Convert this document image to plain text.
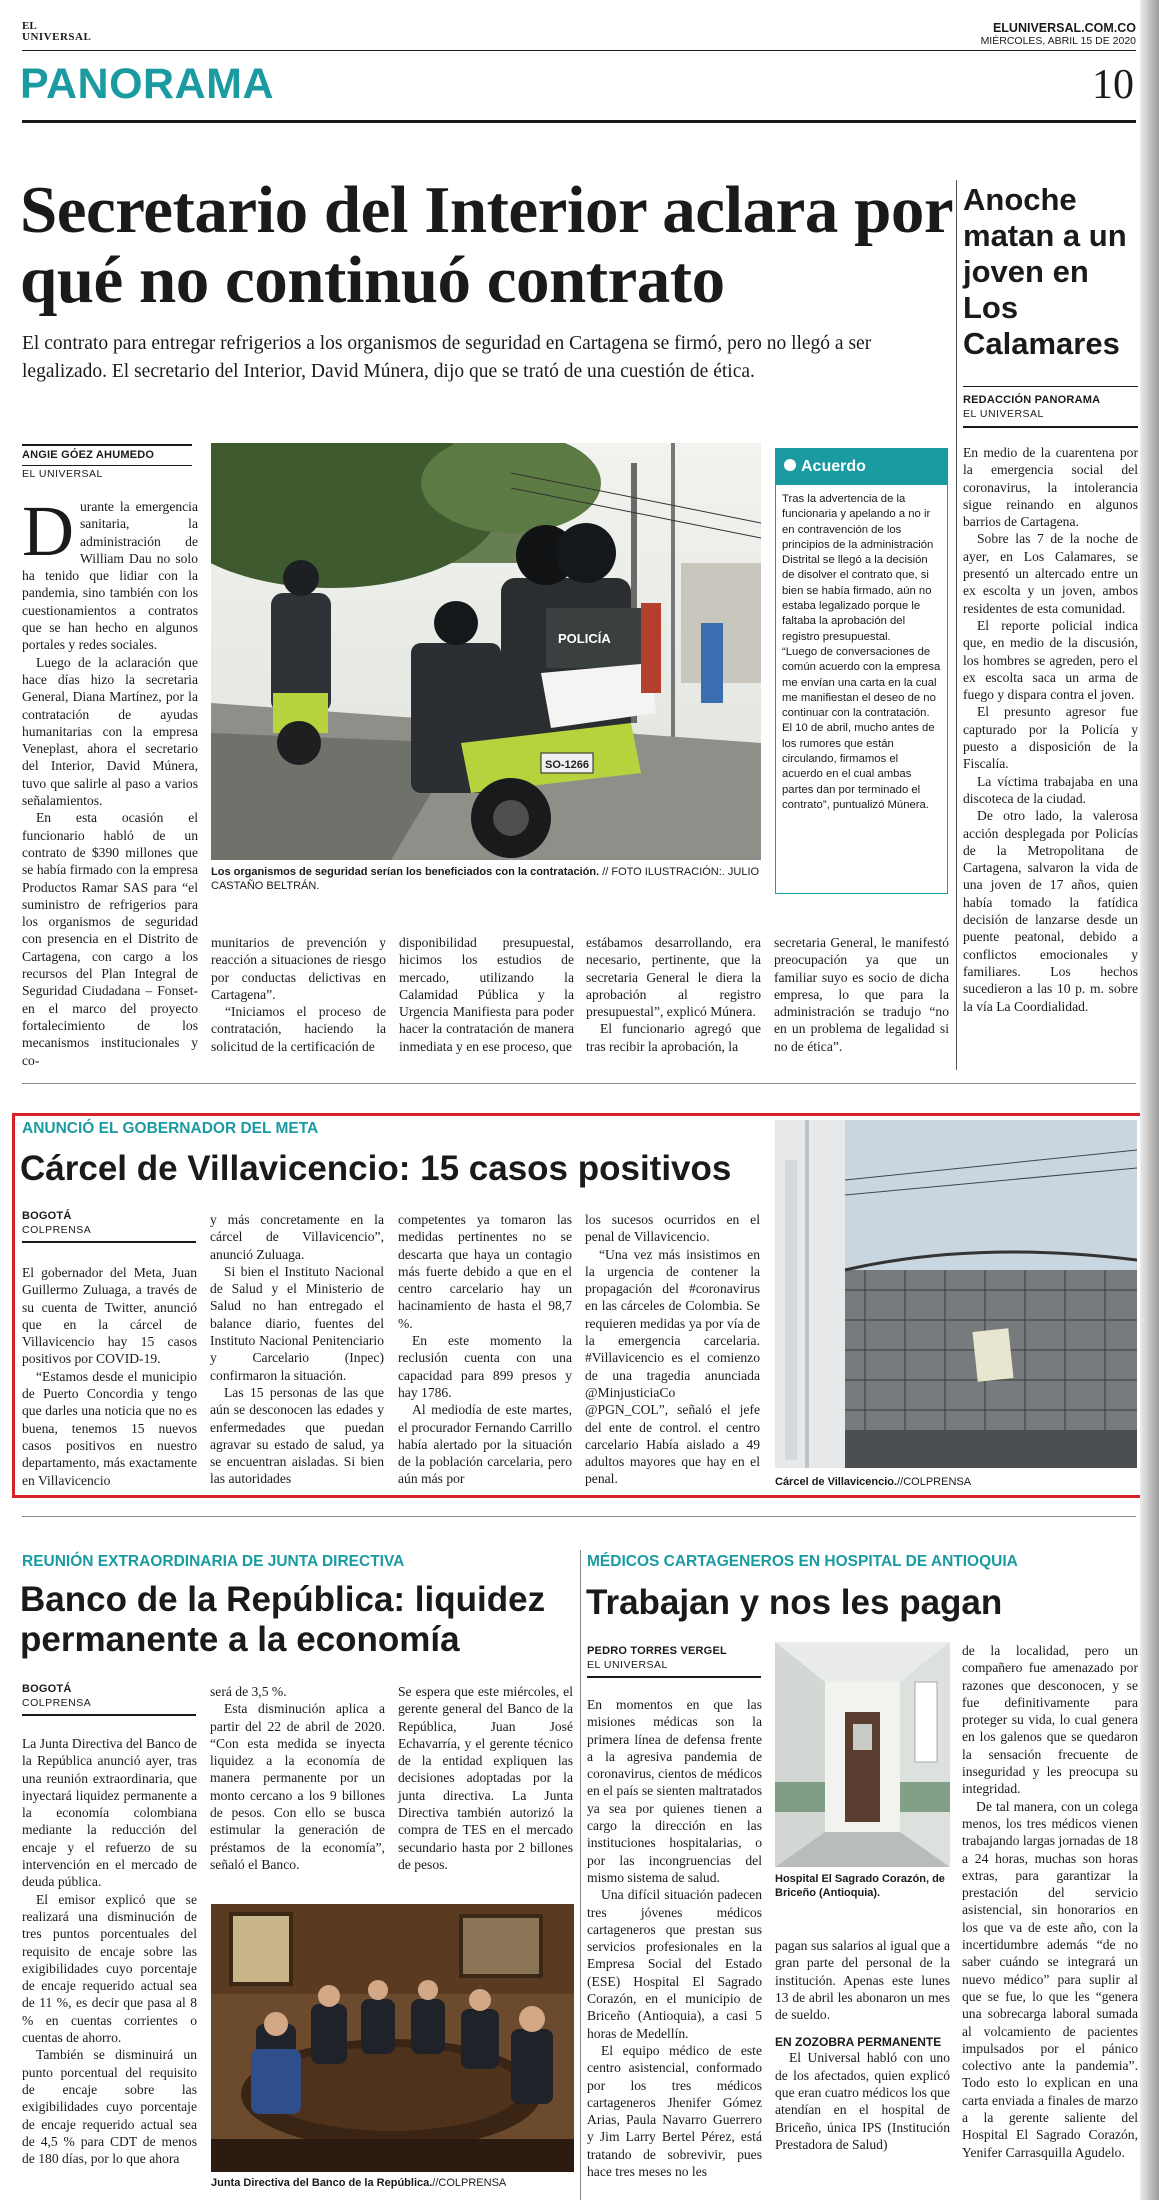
EL
UNIVERSAL
ELUNIVERSAL.COM.CO
MIÉRCOLES, ABRIL 15 DE 2020
PANORAMA	10
Secretario del Interior aclara por qué no continuó contrato
El contrato para entregar refrigerios a los organismos de seguridad en Cartagena se firmó, pero no llegó a ser legalizado. El secretario del Interior, David Múnera, dijo que se trató de una cuestión de ética.
ANGIE GÓEZ AHUMEDO
EL UNIVERSAL

Durante la emergencia sanitaria, la administración de William Dau no solo ha tenido que lidiar con la pandemia, sino también con los cuestionamientos a contratos que se han hecho en algunos portales y redes sociales.

Luego de la aclaración que hace días hizo la secretaria General, Diana Martínez, por la contratación de ayudas humanitarias con la empresa Veneplast, ahora el secretario del Interior, David Múnera, tuvo que salirle al paso a varios señalamientos.

En esta ocasión el funcionario habló de un contrato de $390 millones que se había firmado con la empresa Productos Ramar SAS para “el suministro de refrigerios para los organismos de seguridad con presencia en el Distrito de Cartagena, con cargo a los recursos del Plan Integral de Seguridad Ciudadana – Fonset- en el marco del proyecto fortalecimiento de los mecanismos institucionales y co-

POLICÍA
SO-1266
Los organismos de seguridad serían los beneficiados con la contratación. // FOTO ILUSTRACIÓN:. JULIO CASTAÑO BELTRÁN.
Acuerdo

Tras la advertencia de la funcionaria y apelando a no ir en contravención de los principios de la administración Distrital se llegó a la decisión de disolver el contrato que, si bien se había firmado, aún no estaba legalizado porque le faltaba la aprobación del registro presupuestal.

“Luego de conversaciones de común acuerdo con la empresa me envían una carta en la cual me manifiestan el deseo de no continuar con la contratación. El 10 de abril, mucho antes de los rumores que están circulando, firmamos el acuerdo en el cual ambas partes dan por terminado el contrato”, puntualizó Múnera.

munitarios de prevención y reacción a situaciones de riesgo por conductas delictivas en Cartagena”.

“Iniciamos el proceso de contratación, haciendo la solicitud de la certificación de

disponibilidad presupuestal, hicimos los estudios de mercado, utilizando la Calamidad Pública y la Urgencia Manifiesta para poder hacer la contratación de manera inmediata y en ese proceso, que

estábamos desarrollando, era necesario, pertinente, que la secretaria General le diera la aprobación al registro presupuestal”, explicó Múnera.

El funcionario agregó que tras recibir la aprobación, la

secretaria General, le manifestó preocupación ya que un familiar suyo es socio de dicha empresa, lo que para la administración se tradujo “no en un problema de legalidad si no de ética”.

Anoche matan a un joven en Los Calamares
REDACCIÓN PANORAMA
EL UNIVERSAL

En medio de la cuarentena por la emergencia social del coronavirus, la intolerancia sigue reinando en algunos barrios de Cartagena.

Sobre las 7 de la noche de ayer, en Los Calamares, se presentó un altercado entre un ex escolta y un joven, ambos residentes de esta comunidad.

El reporte policial indica que, en medio de la discusión, los hombres se agreden, pero el ex escolta saca un arma de fuego y dispara contra el joven.

El presunto agresor fue capturado por la Policía y puesto a disposición de la Fiscalía.

La víctima trabajaba en una discoteca de la ciudad.

De otro lado, la valerosa acción desplegada por Policías de la Metropolitana de Cartagena, salvaron la vida de una joven de 17 años, quien había tomado la fatídica decisión de lanzarse desde un puente peatonal, debido a conflictos emocionales y familiares. Los hechos sucedieron a las 10 p. m. sobre la vía La Coordialidad.

ANUNCIÓ EL GOBERNADOR DEL META
Cárcel de Villavicencio: 15 casos positivos
BOGOTÁ
COLPRENSA

El gobernador del Meta, Juan Guillermo Zuluaga, a través de su cuenta de Twitter, anunció que en la cárcel de Villavicencio hay 15 casos positivos por COVID-19.

“Estamos desde el municipio de Puerto Concordia y tengo que darles una noticia que no es buena, tenemos 15 nuevos casos positivos en nuestro departamento, más exactamente en Villavicencio

y más concretamente en la cárcel de Villavicencio”, anunció Zuluaga.

Si bien el Instituto Nacional de Salud y el Ministerio de Salud no han entregado el balance diario, fuentes del Instituto Nacional Penitenciario y Carcelario (Inpec) confirmaron la situación.

Las 15 personas de las que aún se desconocen las edades y enfermedades que puedan agravar su estado de salud, ya se encuentran aisladas. Si bien las autoridades

competentes ya tomaron las medidas pertinentes no se descarta que haya un contagio más fuerte debido a que en el centro carcelario hay un hacinamiento de hasta el 98,7 %.

En este momento la reclusión cuenta con una capacidad para 899 presos y hay 1786.

Al mediodía de este martes, el procurador Fernando Carrillo había alertado por la situación de la población carcelaria, pero aún más por

los sucesos ocurridos en el penal de Villavicencio.

“Una vez más insistimos en la urgencia de contener la propagación del #coronavirus en las cárceles de Colombia. Se requieren medidas ya por vía de la emergencia carcelaria. #Villavicencio es el comienzo de una tragedia anunciada @MinjusticiaCo @PGN_COL”, señaló el jefe del ente de control. el centro carcelario Había aislado a 49 adultos mayores que hay en el penal.	Cárcel de Villavicencio.//COLPRENSA
REUNIÓN EXTRAORDINARIA DE JUNTA DIRECTIVA
Banco de la República: liquidez permanente a la economía
BOGOTÁ
COLPRENSA

La Junta Directiva del Banco de la República anunció ayer, tras una reunión extraordinaria, que inyectará liquidez permanente a la economía colombiana mediante la reducción del encaje y el refuerzo de su intervención en el mercado de deuda pública.

El emisor explicó que se realizará una disminución de tres puntos porcentuales del requisito de encaje sobre las exigibilidades cuyo porcentaje de encaje requerido actual sea de 11 %, es decir que pasa al 8 % en cuentas corrientes o cuentas de ahorro.

También se disminuirá un punto porcentual del requisito de encaje sobre las exigibilidades cuyo porcentaje de encaje requerido actual sea de 4,5 % para CDT de menos de 180 días, por lo que ahora

será de 3,5 %.

Esta disminución aplica a partir del 22 de abril de 2020. “Con esta medida se inyecta liquidez a la economía de manera permanente por un monto cercano a los 9 billones de pesos. Con ello se busca estimular la generación de préstamos de la economía”, señaló el Banco.

Se espera que este miércoles, el gerente general del Banco de la República, Juan José Echavarría, y el gerente técnico de la entidad expliquen las decisiones adoptadas por la junta directiva. La Junta Directiva también autorizó la compra de TES en el mercado secundario hasta por 2 billones de pesos.

Junta Directiva del Banco de la República.//COLPRENSA
MÉDICOS CARTAGENEROS EN HOSPITAL DE ANTIOQUIA
Trabajan y nos les pagan
PEDRO TORRES VERGEL
EL UNIVERSAL

En momentos en que las misiones médicas son la primera línea de defensa frente a la agresiva pandemia de coronavirus, cientos de médicos en el país se sienten maltratados ya sea por quienes tienen a cargo la dirección en las instituciones hospitalarias, o por las incongruencias del mismo sistema de salud.

Una difícil situación padecen tres jóvenes médicos cartageneros que prestan sus servicios profesionales en la Empresa Social del Estado (ESE) Hospital El Sagrado Corazón, en el municipio de Briceño (Antioquia), a casi 5 horas de Medellín.

El equipo médico de este centro asistencial, conformado por los tres médicos cartageneros Jhenifer Gómez Arias, Paula Navarro Guerrero y Jim Larry Bertel Pérez, está tratando de sobrevivir, pues hace tres meses no les

Hospital El Sagrado Corazón, de Briceño (Antioquia).

pagan sus salarios al igual que a gran parte del personal de la institución. Apenas este lunes 13 de abril les abonaron un mes de sueldo.

EN ZOZOBRA PERMANENTE

El Universal habló con uno de los afectados, quien explicó que eran cuatro médicos los que atendían en el hospital de Briceño, única IPS (Institución Prestadora de Salud)

de la localidad, pero un compañero fue amenazado por razones que desconocen, y se fue definitivamente para proteger su vida, lo cual genera en los galenos que se quedaron la sensación frecuente de inseguridad y les preocupa su integridad.

De tal manera, con un colega menos, los tres médicos vienen trabajando largas jornadas de 18 a 24 horas, muchas son horas extras, para garantizar la prestación del servicio asistencial, sin honorarios en los que va de este año, con la incertidumbre además “de no saber cuándo se integrará un nuevo médico” para suplir al que se fue, lo que les “genera una sobrecarga laboral sumada al volcamiento de pacientes impulsados por el pánico colectivo ante la pandemia”. Todo esto lo explican en una carta enviada a finales de marzo a la gerente saliente del Hospital El Sagrado Corazón, Yenifer Carrasquilla Agudelo.
